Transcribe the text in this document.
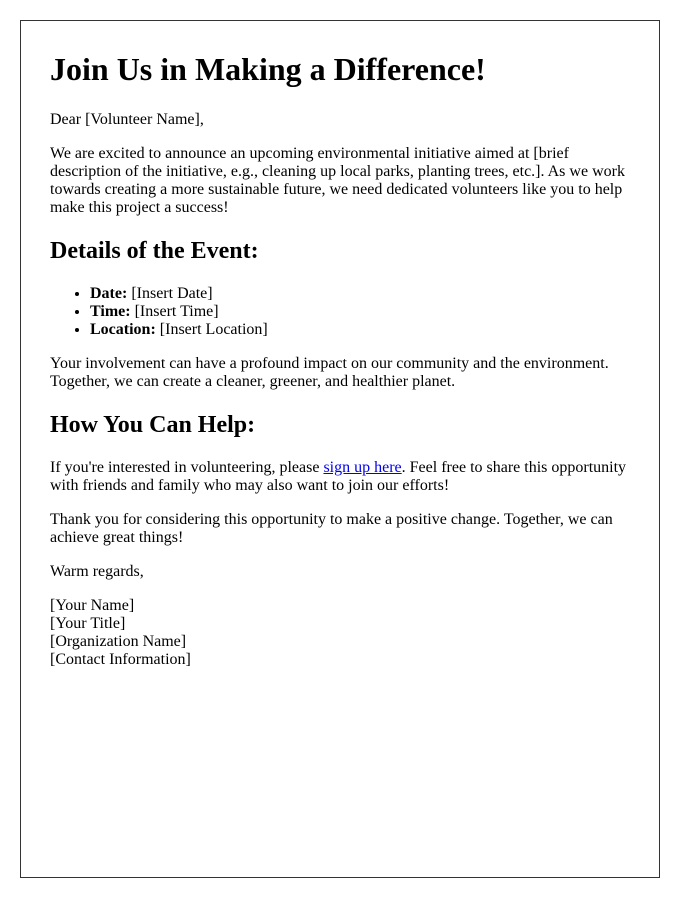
Join Us in Making a Difference!

Dear [Volunteer Name],

We are excited to announce an upcoming environmental initiative aimed at [brief description of the initiative, e.g., cleaning up local parks, planting trees, etc.]. As we work towards creating a more sustainable future, we need dedicated volunteers like you to help make this project a success!

Details of the Event:
• Date: [Insert Date]
• Time: [Insert Time]
• Location: [Insert Location]

Your involvement can have a profound impact on our community and the environment. Together, we can create a cleaner, greener, and healthier planet.

How You Can Help:

If you're interested in volunteering, please sign up here. Feel free to share this opportunity with friends and family who may also want to join our efforts!

Thank you for considering this opportunity to make a positive change. Together, we can achieve great things!

Warm regards,

[Your Name]
[Your Title]
[Organization Name]
[Contact Information]
